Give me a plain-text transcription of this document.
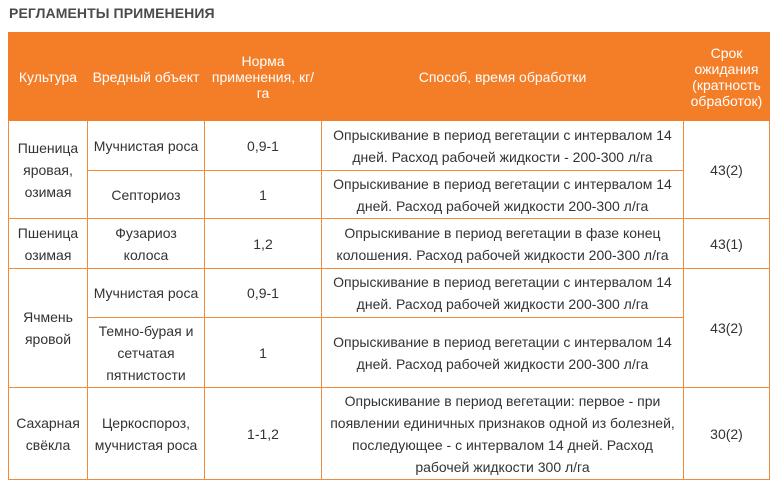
РЕГЛАМЕНТЫ ПРИМЕНЕНИЯ
Культура	Вредный объект	Норма применения, кг/га	Способ, время обработки	Срок ожидания (кратность обработок)
Пшеница яровая, озимая	Мучнистая роса	0,9-1	Опрыскивание в период вегетации с интервалом 14 дней. Расход рабочей жидкости - 200-300 л/га	43(2)
	Септориоз	1	Опрыскивание в период вегетации с интервалом 14 дней. Расход рабочей жидкости 200-300 л/га	
Пшеница озимая	Фузариоз колоса	1,2	Опрыскивание в период вегетации в фазе конец колошения. Расход рабочей жидкости 200-300 л/га	43(1)
Ячмень яровой	Мучнистая роса	0,9-1	Опрыскивание в период вегетации с интервалом 14 дней. Расход рабочей жидкости 200-300 л/га	43(2)
	Темно-бурая и сетчатая пятнистости	1	Опрыскивание в период вегетации с интервалом 14 дней. Расход рабочей жидкости 200-300 л/га	
Сахарная свёкла	Церкоспороз, мучнистая роса	1-1,2	Опрыскивание в период вегетации: первое - при появлении единичных признаков одной из болезней, последующее - с интервалом 14 дней. Расход рабочей жидкости 300 л/га	30(2)
